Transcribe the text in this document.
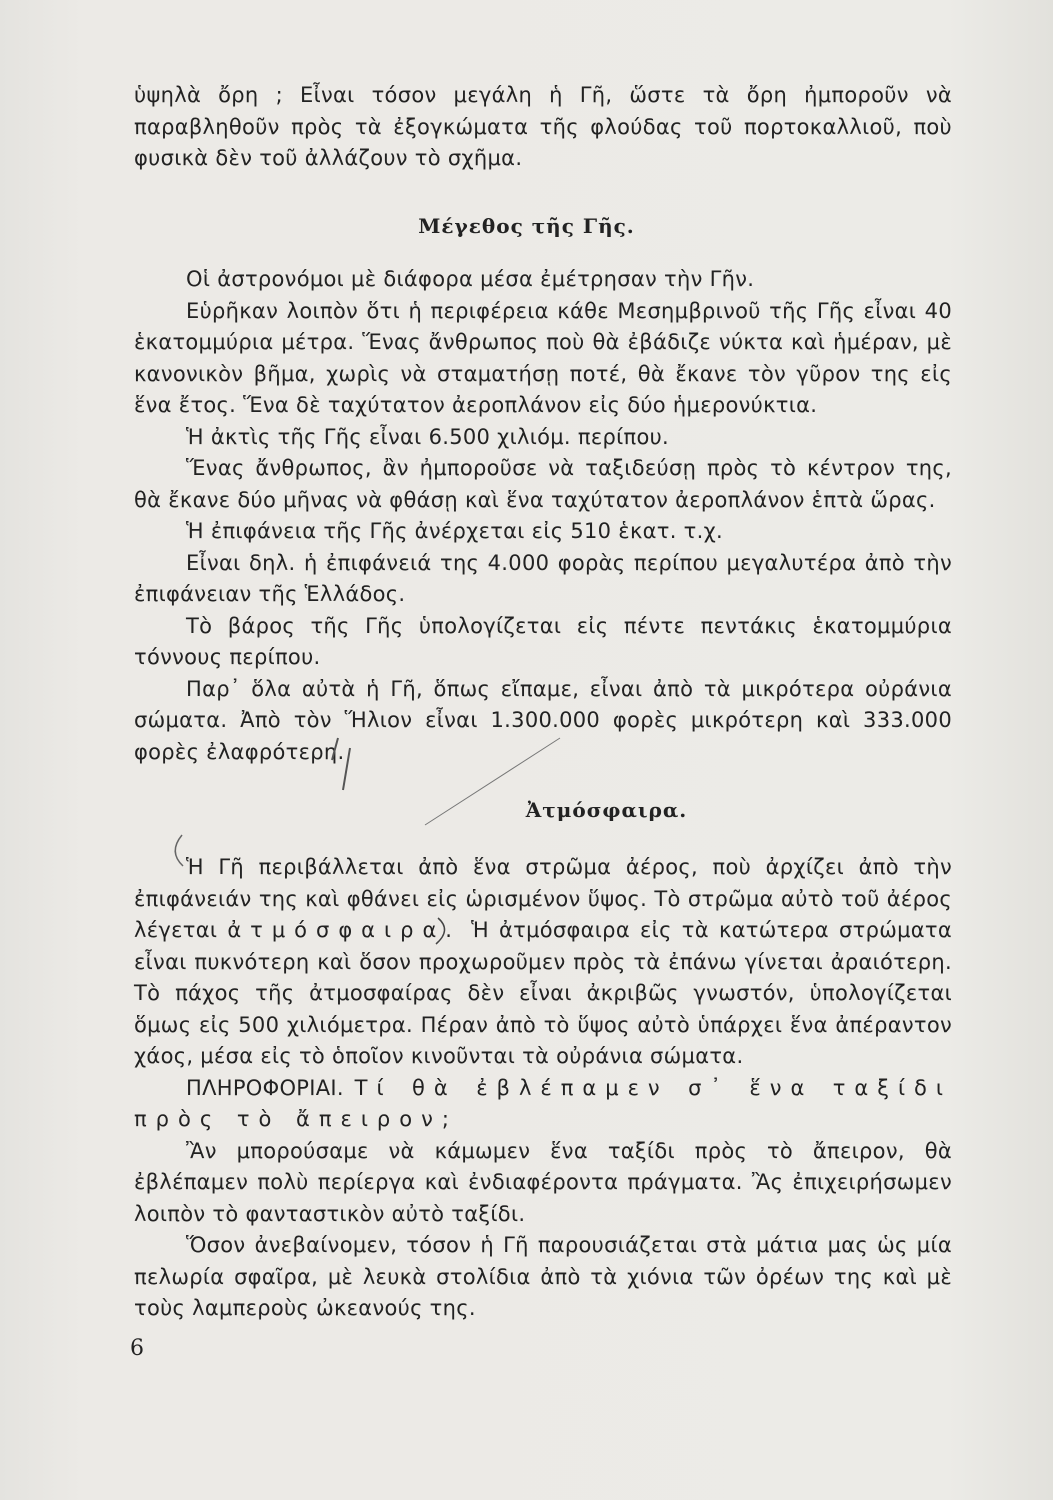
ὑψηλὰ ὄρη ; Εἶναι τόσον μεγάλη ἡ Γῆ, ὥστε τὰ ὄρη ἠμποροῦν νὰ παραβληθοῦν πρὸς τὰ ἐξογκώματα τῆς φλούδας τοῦ πορτοκαλλιοῦ, ποὺ φυσικὰ δὲν τοῦ ἀλλάζουν τὸ σχῆμα.

Μέγεθος τῆς Γῆς.

Οἱ ἀστρονόμοι μὲ διάφορα μέσα ἐμέτρησαν τὴν Γῆν.

Εὑρῆκαν λοιπὸν ὅτι ἡ περιφέρεια κάθε Μεσημβρινοῦ τῆς Γῆς εἶναι 40 ἑκατομμύρια μέτρα. Ἕνας ἄνθρωπος ποὺ θὰ ἐβάδιζε νύκτα καὶ ἡμέραν, μὲ κανονικὸν βῆμα, χωρὶς νὰ σταματήσῃ ποτέ, θὰ ἔκανε τὸν γῦρον της εἰς ἕνα ἔτος. Ἕνα δὲ ταχύτατον ἀεροπλάνον εἰς δύο ἡμερονύκτια.

Ἡ ἀκτὶς τῆς Γῆς εἶναι 6.500 χιλιόμ. περίπου.

Ἕνας ἄνθρωπος, ἂν ἠμποροῦσε νὰ ταξιδεύσῃ πρὸς τὸ κέντρον της, θὰ ἔκανε δύο μῆνας νὰ φθάσῃ καὶ ἕνα ταχύτατον ἀεροπλάνον ἑπτὰ ὥρας.

Ἡ ἐπιφάνεια τῆς Γῆς ἀνέρχεται εἰς 510 ἑκατ. τ.χ.

Εἶναι δηλ. ἡ ἐπιφάνειά της 4.000 φορὰς περίπου μεγαλυτέρα ἀπὸ τὴν ἐπιφάνειαν τῆς Ἑλλάδος.

Τὸ βάρος τῆς Γῆς ὑπολογίζεται εἰς πέντε πεντάκις ἑκατομμύρια τόννους περίπου.

Παρ᾽ ὅλα αὐτὰ ἡ Γῆ, ὅπως εἴπαμε, εἶναι ἀπὸ τὰ μικρότερα οὐράνια σώματα. Ἀπὸ τὸν Ἥλιον εἶναι 1.300.000 φορὲς μικρότερη καὶ 333.000 φορὲς ἐλαφρότερη.

Ἀτμόσφαιρα.

Ἡ Γῆ περιβάλλεται ἀπὸ ἕνα στρῶμα ἀέρος, ποὺ ἀρχίζει ἀπὸ τὴν ἐπιφάνειάν της καὶ φθάνει εἰς ὡρισμένον ὕψος. Τὸ στρῶμα αὐτὸ τοῦ ἀέρος λέγεται ἀτμόσφαιρα. Ἡ ἀτμόσφαιρα εἰς τὰ κατώτερα στρώματα εἶναι πυκνότερη καὶ ὅσον προχωροῦμεν πρὸς τὰ ἐπάνω γίνεται ἀραιότερη. Τὸ πάχος τῆς ἀτμοσφαίρας δὲν εἶναι ἀκριβῶς γνωστόν, ὑπολογίζεται ὅμως εἰς 500 χιλιόμετρα. Πέραν ἀπὸ τὸ ὕψος αὐτὸ ὑπάρχει ἕνα ἀπέραντον χάος, μέσα εἰς τὸ ὁποῖον κινοῦνται τὰ οὐράνια σώματα.

ΠΛΗΡΟΦΟΡΙΑΙ. Τί θὰ ἐβλέπαμεν σ᾽ ἕνα ταξίδι πρὸς τὸ ἄπειρον;

Ἂν μπορούσαμε νὰ κάμωμεν ἕνα ταξίδι πρὸς τὸ ἄπειρον, θὰ ἐβλέπαμεν πολὺ περίεργα καὶ ἐνδιαφέροντα πράγματα. Ἂς ἐπιχειρήσωμεν λοιπὸν τὸ φανταστικὸν αὐτὸ ταξίδι.

Ὅσον ἀνεβαίνομεν, τόσον ἡ Γῆ παρουσιάζεται στὰ μάτια μας ὡς μία πελωρία σφαῖρα, μὲ λευκὰ στολίδια ἀπὸ τὰ χιόνια τῶν ὀρέων της καὶ μὲ τοὺς λαμπεροὺς ὠκεανούς της.

6
